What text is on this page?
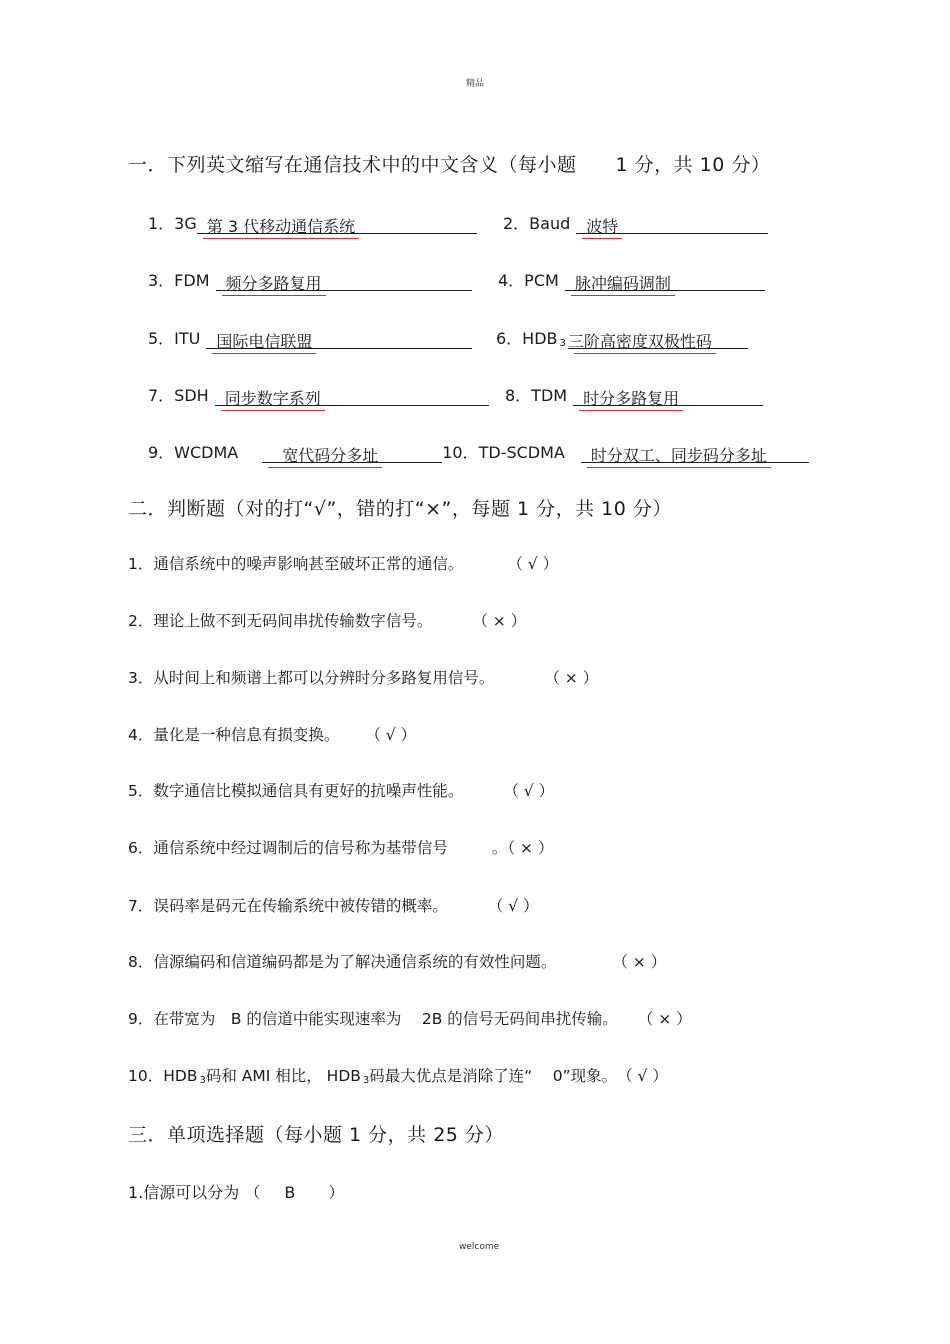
精品
一．下列英文缩写在通信技术中的中文含义（每小题　　1 分，共 10 分）
1．3G 第 3 代移动通信系统	2．Baud 波特
3．FDM 频分多路复用	4．PCM 脉冲编码调制
5．ITU 国际电信联盟	6．HDB $_3$ 三阶高密度双极性码
7．SDH 同步数字系列	8．TDM 时分多路复用
9．WCDMA	宽代码分多址	10．TD-SCDMA 时分双工、同步码分多址
二．判断题（对的打“√”，错的打“×”，每题 1 分，共 10 分）
1．通信系统中的噪声影响甚至破坏正常的通信。	（ √ ）
2．理论上做不到无码间串扰传输数字信号。	（ × ）
3．从时间上和频谱上都可以分辨时分多路复用信号。	（ × ）
4．量化是一种信息有损变换。 （ √ ）
5．数字通信比模拟通信具有更好的抗噪声性能。	（ √ ）
6．通信系统中经过调制后的信号称为基带信号	。（ × ）
7．误码率是码元在传输系统中被传错的概率。	（ √ ）
8．信源编码和信道编码都是为了解决通信系统的有效性问题。	（ × ）
9．在带宽为　B 的信道中能实现速率为　 2B 的信号无码间串扰传输。 （ × ）
10．HDB $_3$码和 AMI 相比， HDB $_3$码最大优点是消除了连“　 0”现象。（ √ ）
三．单项选择题（每小题 1 分，共 25 分）
1.信源可以分为 （ B ）
welcome
